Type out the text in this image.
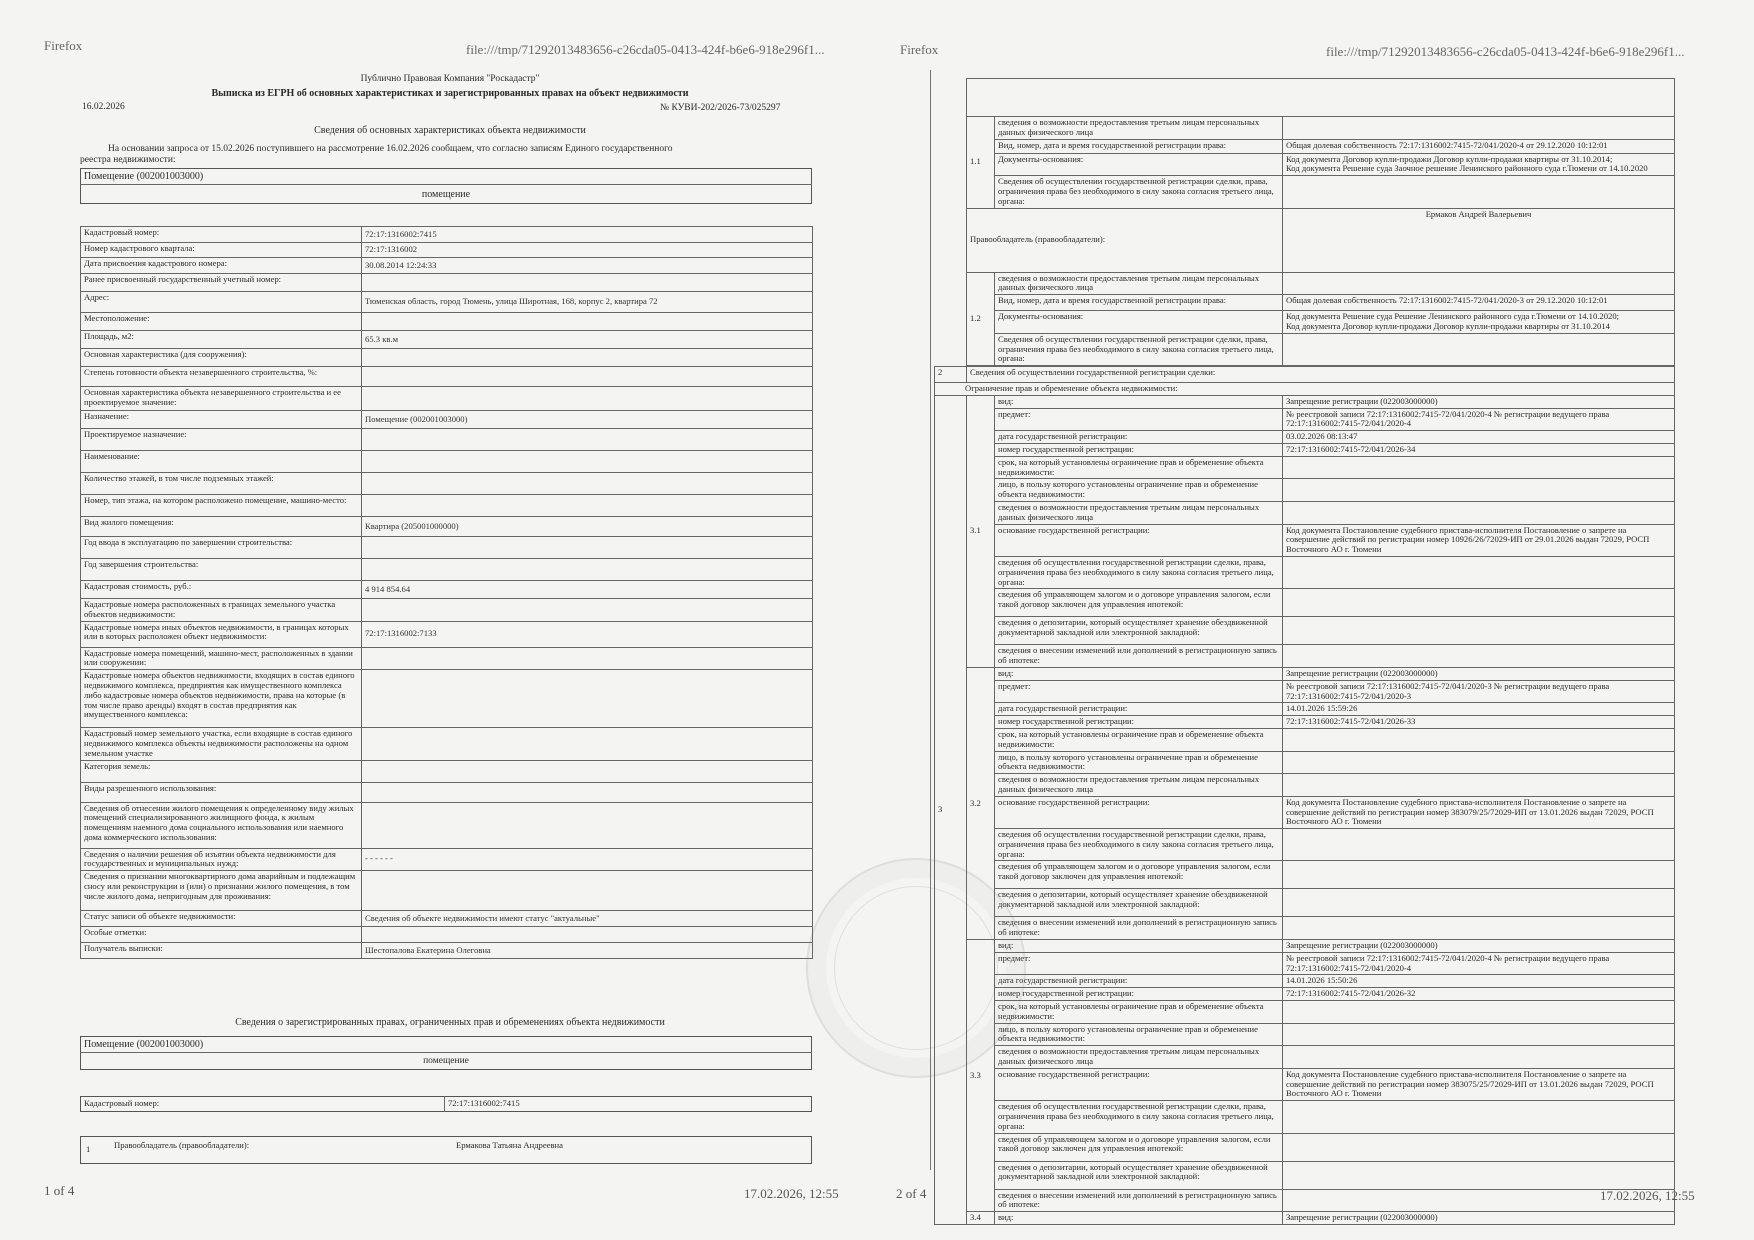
Firefox	file:///tmp/71292013483656-c26cda05-0413-424f-b6e6-918e296f1...	Firefox	file:///tmp/71292013483656-c26cda05-0413-424f-b6e6-918e296f1...
Публично Правовая Компания "Роскадастр"
Выписка из ЕГРН об основных характеристиках и зарегистрированных правах на объект недвижимости
16.02.2026	№ КУВИ-202/2026-73/025297
Сведения об основных характеристиках объекта недвижимости
На основании запроса от 15.02.2026 поступившего на рассмотрение 16.02.2026 сообщаем, что согласно записям Единого государственного
реестра недвижимости:
Помещение (002001003000)
помещение
Кадастровый номер:	72:17:1316002:7415
Номер кадастрового квартала:	72:17:1316002
Дата присвоения кадастрового номера:	30.08.2014 12:24:33
Ранее присвоенный государственный учетный номер:	
Адрес:	Тюменская область, город Тюмень, улица Широтная, 168, корпус 2, квартира 72
Местоположение:	
Площадь, м2:	65.3 кв.м
Основная характеристика (для сооружения):	
Степень готовности объекта незавершенного строительства, %:	
Основная характеристика объекта незавершенного строительства и ее проектируемое значение:	
Назначение:	Помещение (002001003000)
Проектируемое назначение:	
Наименование:	
Количество этажей, в том числе подземных этажей:	
Номер, тип этажа, на котором расположено помещение, машино-место:	
Вид жилого помещения:	Квартира (205001000000)
Год ввода в эксплуатацию по завершении строительства:	
Год завершения строительства:	
Кадастровая стоимость, руб.:	4 914 854.64
Кадастровые номера расположенных в границах земельного участка объектов недвижимости:	
Кадастровые номера иных объектов недвижимости, в границах которых или в которых расположен объект недвижимости:	72:17:1316002:7133
Кадастровые номера помещений, машино-мест, расположенных в здании или сооружении:	
Кадастровые номера объектов недвижимости, входящих в состав единого недвижимого комплекса, предприятия как имущественного комплекса либо кадастровые номера объектов недвижимости, права на которые (в том числе право аренды) входят в состав предприятия как имущественного комплекса:	
Кадастровый номер земельного участка, если входящие в состав единого недвижимого комплекса объекты недвижимости расположены на одном земельном участке	
Категория земель:	
Виды разрешенного использования:	
Сведения об отнесении жилого помещения к определенному виду жилых помещений специализированного жилищного фонда, к жилым помещениям наемного дома социального использования или наемного дома коммерческого использования:	
Сведения о наличии решения об изъятии объекта недвижимости для государственных и муниципальных нужд:	- - - - - -
Сведения о признании многоквартирного дома аварийным и подлежащим сносу или реконструкции и (или) о признании жилого помещения, в том числе жилого дома, непригодным для проживания:	
Статус записи об объекте недвижимости:	Сведения об объекте недвижимости имеют статус "актуальные"
Особые отметки:	
Получатель выписки:	Шестопалова Екатерина Олеговна
Сведения о зарегистрированных правах, ограниченных прав и обременениях объекта недвижимости
Помещение (002001003000)
помещение
Кадастровый номер:	72:17:1316002:7415
1	Правообладатель (правообладатели):	Ермакова Татьяна Андреевна

1.1	сведения о возможности предоставления третьим лицам персональных данных физического лица	
	Вид, номер, дата и время государственной регистрации права:	Общая долевая собственность 72:17:1316002:7415-72/041/2020-4 от 29.12.2020 10:12:01
	Документы-основания:	Код документа Договор купли-продажи Договор купли-продажи квартиры от 31.10.2014;
Код документа Решение суда Заочное решение Ленинского районного суда г.Тюмени от 14.10.2020
	Сведения об осуществлении государственной регистрации сделки, права, ограничения права без необходимого в силу закона согласия третьего лица, органа:	
Правообладатель (правообладатели):		Ермаков Андрей Валерьевич
1.2	сведения о возможности предоставления третьим лицам персональных данных физического лица	
	Вид, номер, дата и время государственной регистрации права:	Общая долевая собственность 72:17:1316002:7415-72/041/2020-3 от 29.12.2020 10:12:01
	Документы-основания:	Код документа Решение суда Решение Ленинского районного суда г.Тюмени от 14.10.2020;
Код документа Договор купли-продажи Договор купли-продажи квартиры от 31.10.2014
	Сведения об осуществлении государственной регистрации сделки, права, ограничения права без необходимого в силу закона согласия третьего лица, органа:	
2	Сведения об осуществлении государственной регистрации сделки:		
Ограничение прав и обременение объекта недвижимости:			
3	3.1	вид:	Запрещение регистрации (022003000000)
		предмет:	№ реестровой записи 72:17:1316002:7415-72/041/2020-4 № регистрации ведущего права 72:17:1316002:7415-72/041/2020-4
		дата государственной регистрации:	03.02.2026 08:13:47
		номер государственной регистрации:	72:17:1316002:7415-72/041/2026-34
		срок, на который установлены ограничение прав и обременение объекта недвижимости:	
		лицо, в пользу которого установлены ограничение прав и обременение объекта недвижимости:	
		сведения о возможности предоставления третьим лицам персональных данных физического лица	
		основание государственной регистрации:	Код документа Постановление судебного пристава-исполнителя Постановление о запрете на совершение действий по регистрации номер 10926/26/72029-ИП от 29.01.2026 выдан 72029, РОСП Восточного АО г. Тюмени
		сведения об осуществлении государственной регистрации сделки, права, ограничения права без необходимого в силу закона согласия третьего лица, органа:	
		сведения об управляющем залогом и о договоре управления залогом, если такой договор заключен для управления ипотекой:	
		сведения о депозитарии, который осуществляет хранение обездвиженной документарной закладной или электронной закладной:	
		сведения о внесении изменений или дополнений в регистрационную запись об ипотеке:	
	3.2	вид:	Запрещение регистрации (022003000000)
		предмет:	№ реестровой записи 72:17:1316002:7415-72/041/2020-3 № регистрации ведущего права 72:17:1316002:7415-72/041/2020-3
		дата государственной регистрации:	14.01.2026 15:59:26
		номер государственной регистрации:	72:17:1316002:7415-72/041/2026-33
		срок, на который установлены ограничение прав и обременение объекта недвижимости:	
		лицо, в пользу которого установлены ограничение прав и обременение объекта недвижимости:	
		сведения о возможности предоставления третьим лицам персональных данных физического лица	
		основание государственной регистрации:	Код документа Постановление судебного пристава-исполнителя Постановление о запрете на совершение действий по регистрации номер 383079/25/72029-ИП от 13.01.2026 выдан 72029, РОСП Восточного АО г. Тюмени
		сведения об осуществлении государственной регистрации сделки, права, ограничения права без необходимого в силу закона согласия третьего лица, органа:	
		сведения об управляющем залогом и о договоре управления залогом, если такой договор заключен для управления ипотекой:	
		сведения о депозитарии, который осуществляет хранение обездвиженной документарной закладной или электронной закладной:	
		сведения о внесении изменений или дополнений в регистрационную запись об ипотеке:	
	3.3	вид:	Запрещение регистрации (022003000000)
		предмет:	№ реестровой записи 72:17:1316002:7415-72/041/2020-4 № регистрации ведущего права 72:17:1316002:7415-72/041/2020-4
		дата государственной регистрации:	14.01.2026 15:50:26
		номер государственной регистрации:	72:17:1316002:7415-72/041/2026-32
		срок, на который установлены ограничение прав и обременение объекта недвижимости:	
		лицо, в пользу которого установлены ограничение прав и обременение объекта недвижимости:	
		сведения о возможности предоставления третьим лицам персональных данных физического лица	
		основание государственной регистрации:	Код документа Постановление судебного пристава-исполнителя Постановление о запрете на совершение действий по регистрации номер 383075/25/72029-ИП от 13.01.2026 выдан 72029, РОСП Восточного АО г. Тюмени
		сведения об осуществлении государственной регистрации сделки, права, ограничения права без необходимого в силу закона согласия третьего лица, органа:	
		сведения об управляющем залогом и о договоре управления залогом, если такой договор заключен для управления ипотекой:	
		сведения о депозитарии, который осуществляет хранение обездвиженной документарной закладной или электронной закладной:	
		сведения о внесении изменений или дополнений в регистрационную запись об ипотеке:	
	3.4	вид:	Запрещение регистрации (022003000000)
1 of 4	17.02.2026, 12:55	2 of 4	17.02.2026, 12:55
